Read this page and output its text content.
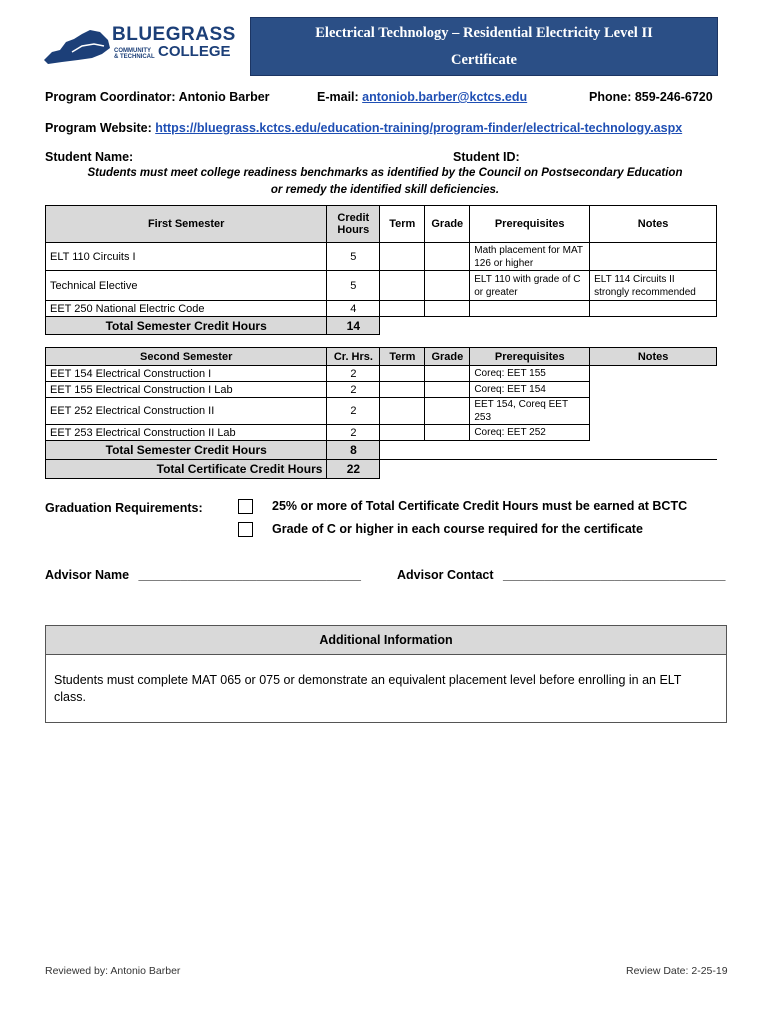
BLUEGRASS
COMMUNITY
& TECHNICAL COLLEGE
Electrical Technology – Residential Electricity Level II
Certificate
Program Coordinator: Antonio Barber	E-mail: antoniob.barber@kctcs.edu	Phone: 859-246-6720
Program Website: https://bluegrass.kctcs.edu/education-training/program-finder/electrical-technology.aspx
Student Name:	Student ID:
Students must meet college readiness benchmarks as identified by the Council on Postsecondary Education
or remedy the identified skill deficiencies.
First Semester	Credit Hours	Term	Grade	Prerequisites	Notes
ELT 110 Circuits I	5			Math placement for MAT 126 or higher	
Technical Elective	5			ELT 110 with grade of C or greater	ELT 114 Circuits II strongly recommended
EET 250 National Electric Code	4				
Total Semester Credit Hours	14				
Second Semester	Cr. Hrs.	Term	Grade	Prerequisites	Notes
EET 154 Electrical Construction I	2			Coreq: EET 155	
EET 155 Electrical Construction I Lab	2			Coreq: EET 154	
EET 252 Electrical Construction II	2			EET 154, Coreq EET 253	
EET 253 Electrical Construction II Lab	2			Coreq: EET 252	
Total Semester Credit Hours	8				
Total Certificate Credit Hours	22				
Graduation Requirements:	25% or more of Total Certificate Credit Hours must be earned at BCTC
Grade of C or higher in each course required for the certificate
Advisor Name ________________________________	Advisor Contact ________________________________
Additional Information
Students must complete MAT 065 or 075 or demonstrate an equivalent placement level before enrolling in an ELT class.
Reviewed by: Antonio Barber	Review Date: 2-25-19
